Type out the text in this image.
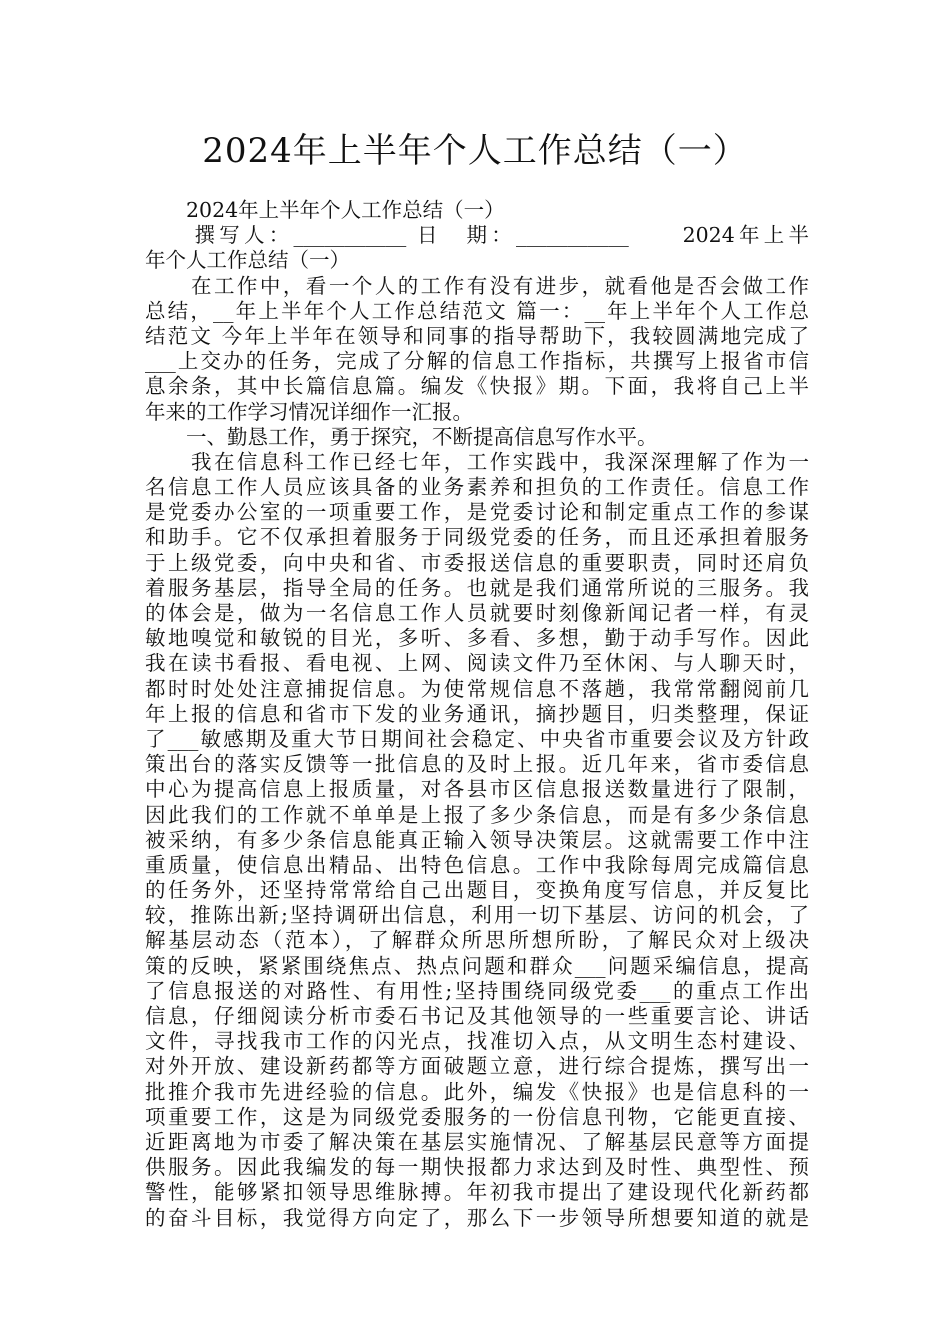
2024年上半年个人工作总结（一）
　　2024年上半年个人工作总结（一）
　　撰写人：___________ 日　期：___________　　2024年上半
年个人工作总结（一）
　　在工作中，看一个人的工作有没有进步，就看他是否会做工作
总结，__年上半年个人工作总结范文 篇一：__年上半年个人工作总
结范文 今年上半年在领导和同事的指导帮助下，我较圆满地完成了
___上交办的任务，完成了分解的信息工作指标，共撰写上报省市信
息余条，其中长篇信息篇。编发《快报》期。下面，我将自己上半
年来的工作学习情况详细作一汇报。
　　一、勤恳工作，勇于探究，不断提高信息写作水平。
　　我在信息科工作已经七年，工作实践中，我深深理解了作为一
名信息工作人员应该具备的业务素养和担负的工作责任。信息工作
是党委办公室的一项重要工作，是党委讨论和制定重点工作的参谋
和助手。它不仅承担着服务于同级党委的任务，而且还承担着服务
于上级党委，向中央和省、市委报送信息的重要职责，同时还肩负
着服务基层，指导全局的任务。也就是我们通常所说的三服务。我
的体会是，做为一名信息工作人员就要时刻像新闻记者一样，有灵
敏地嗅觉和敏锐的目光，多听、多看、多想，勤于动手写作。因此
我在读书看报、看电视、上网、阅读文件乃至休闲、与人聊天时，
都时时处处注意捕捉信息。为使常规信息不落趟，我常常翻阅前几
年上报的信息和省市下发的业务通讯，摘抄题目，归类整理，保证
了___敏感期及重大节日期间社会稳定、中央省市重要会议及方针政
策出台的落实反馈等一批信息的及时上报。近几年来，省市委信息
中心为提高信息上报质量，对各县市区信息报送数量进行了限制，
因此我们的工作就不单单是上报了多少条信息，而是有多少条信息
被采纳，有多少条信息能真正输入领导决策层。这就需要工作中注
重质量，使信息出精品、出特色信息。工作中我除每周完成篇信息
的任务外，还坚持常常给自己出题目，变换角度写信息，并反复比
较，推陈出新;坚持调研出信息，利用一切下基层、访问的机会，了
解基层动态（范本），了解群众所思所想所盼，了解民众对上级决
策的反映，紧紧围绕焦点、热点问题和群众___问题采编信息，提高
了信息报送的对路性、有用性;坚持围绕同级党委___的重点工作出
信息，仔细阅读分析市委石书记及其他领导的一些重要言论、讲话
文件，寻找我市工作的闪光点，找准切入点，从文明生态村建设、
对外开放、建设新药都等方面破题立意，进行综合提炼，撰写出一
批推介我市先进经验的信息。此外，编发《快报》也是信息科的一
项重要工作，这是为同级党委服务的一份信息刊物，它能更直接、
近距离地为市委了解决策在基层实施情况、了解基层民意等方面提
供服务。因此我编发的每一期快报都力求达到及时性、典型性、预
警性，能够紧扣领导思维脉搏。年初我市提出了建设现代化新药都
的奋斗目标，我觉得方向定了，那么下一步领导所想要知道的就是
